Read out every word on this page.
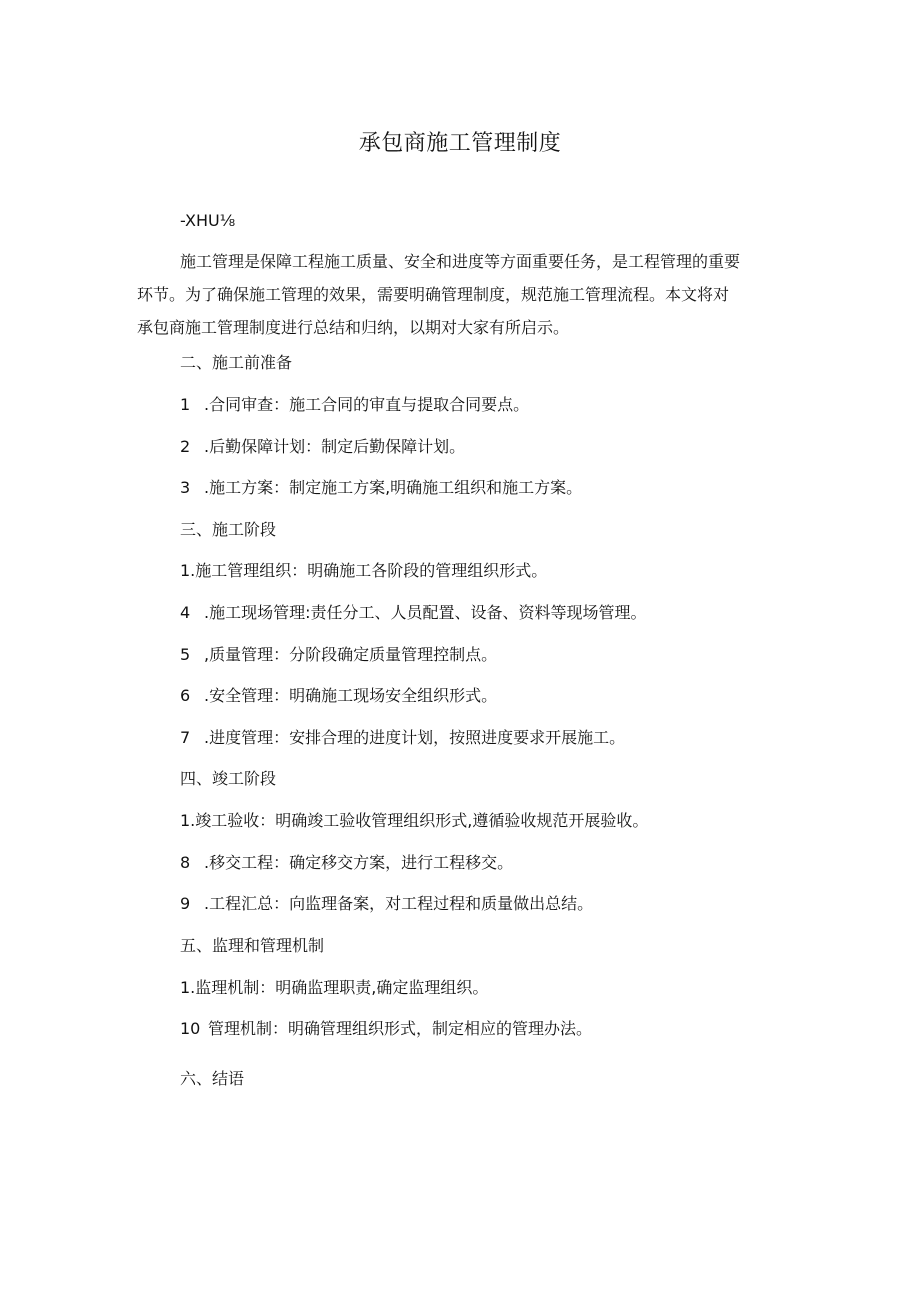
承包商施工管理制度
-XHU⅛
施工管理是保障工程施工质量、安全和进度等方面重要任务，是工程管理的重要
环节。为了确保施工管理的效果，需要明确管理制度，规范施工管理流程。本文将对
承包商施工管理制度进行总结和归纳，以期对大家有所启示。
二、施工前准备
1 .合同审查：施工合同的审直与提取合同要点。
2 .后勤保障计划：制定后勤保障计划。
3 .施工方案：制定施工方案,明确施工组织和施工方案。
三、施工阶段
1.施工管理组织：明确施工各阶段的管理组织形式。
4 .施工现场管理:责任分工、人员配置、设备、资料等现场管理。
5 ,质量管理：分阶段确定质量管理控制点。
6 .安全管理：明确施工现场安全组织形式。
7 .进度管理：安排合理的进度计划，按照进度要求开展施工。
四、竣工阶段
1.竣工验收：明确竣工验收管理组织形式,遵循验收规范开展验收。
8 .移交工程：确定移交方案，进行工程移交。
9 .工程汇总：向监理备案，对工程过程和质量做出总结。
五、监理和管理机制
1.监理机制：明确监理职责,确定监理组织。
10 管理机制：明确管理组织形式，制定相应的管理办法。
六、结语
